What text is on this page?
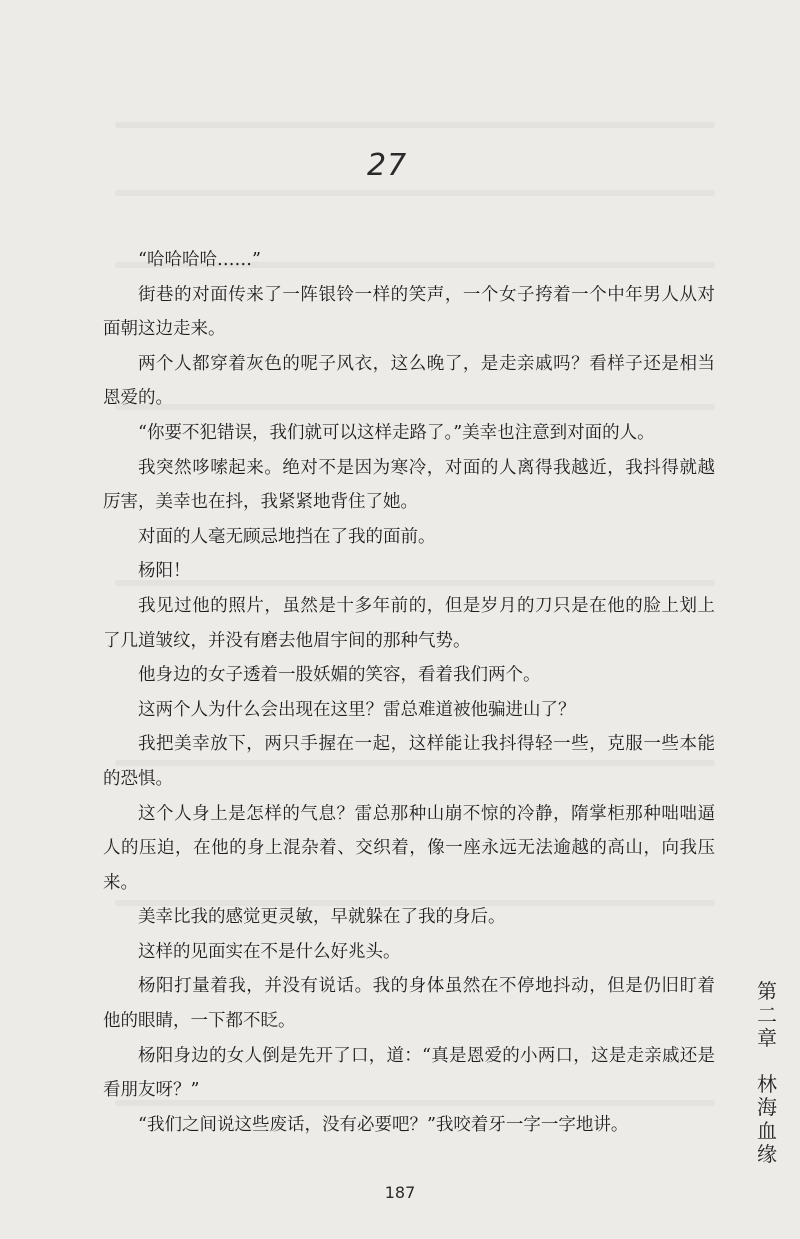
27

“哈哈哈哈……”

街巷的对面传来了一阵银铃一样的笑声，一个女子挎着一个中年男人从对面朝这边走来。

两个人都穿着灰色的呢子风衣，这么晚了，是走亲戚吗？看样子还是相当恩爱的。

“你要不犯错误，我们就可以这样走路了。”美幸也注意到对面的人。

我突然哆嗦起来。绝对不是因为寒冷，对面的人离得我越近，我抖得就越厉害，美幸也在抖，我紧紧地背住了她。

对面的人毫无顾忌地挡在了我的面前。

杨阳！

我见过他的照片，虽然是十多年前的，但是岁月的刀只是在他的脸上划上了几道皱纹，并没有磨去他眉宇间的那种气势。

他身边的女子透着一股妖媚的笑容，看着我们两个。

这两个人为什么会出现在这里？雷总难道被他骗进山了？

我把美幸放下，两只手握在一起，这样能让我抖得轻一些，克服一些本能的恐惧。

这个人身上是怎样的气息？雷总那种山崩不惊的冷静，隋掌柜那种咄咄逼人的压迫，在他的身上混杂着、交织着，像一座永远无法逾越的高山，向我压来。

美幸比我的感觉更灵敏，早就躲在了我的身后。

这样的见面实在不是什么好兆头。

杨阳打量着我，并没有说话。我的身体虽然在不停地抖动，但是仍旧盯着他的眼睛，一下都不眨。

杨阳身边的女人倒是先开了口，道：“真是恩爱的小两口，这是走亲戚还是看朋友呀？”

“我们之间说这些废话，没有必要吧？”我咬着牙一字一字地讲。

第
二
章
林
海
血
缘
187
